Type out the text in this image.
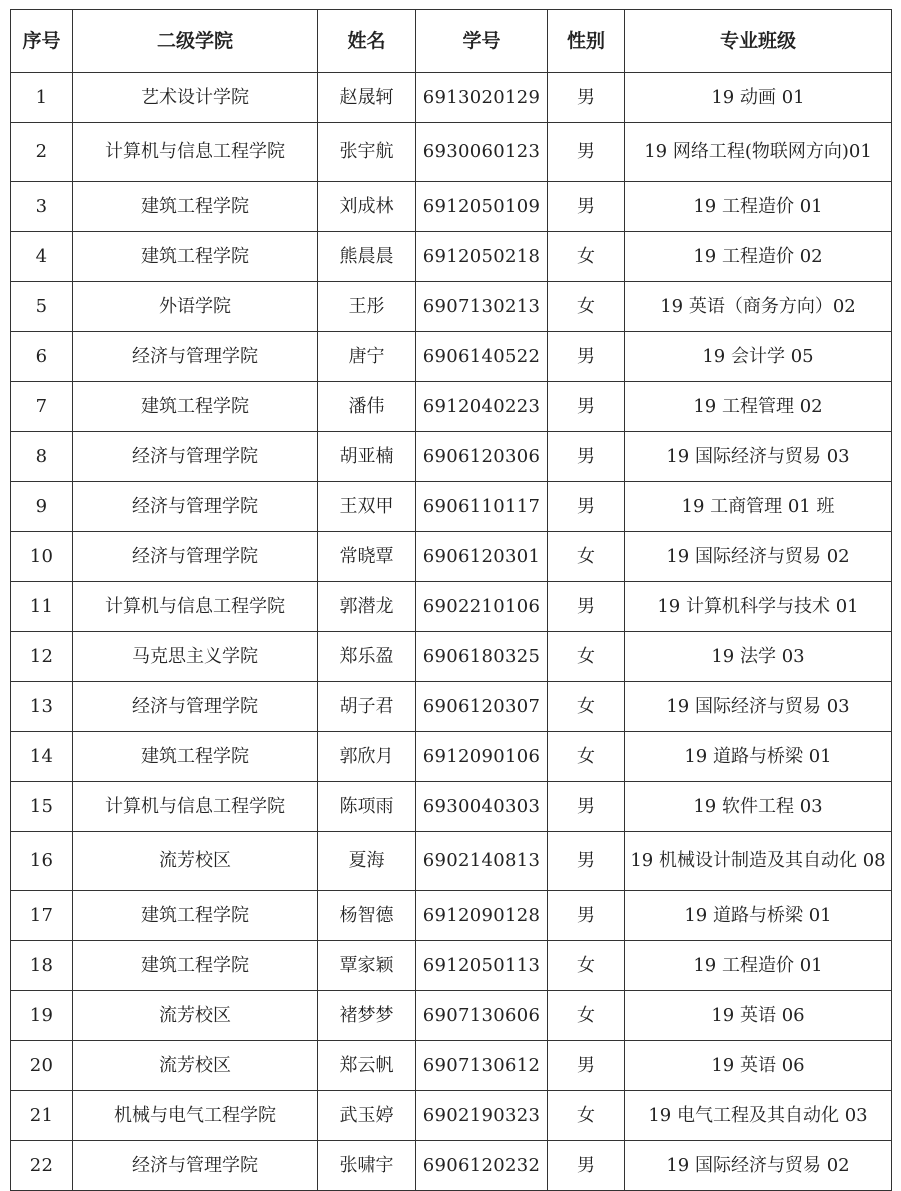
序号	二级学院	姓名	学号	性别	专业班级
1	艺术设计学院	赵晟轲	6913020129	男	19 动画 01
2	计算机与信息工程学院	张宇航	6930060123	男	19 网络工程(物联网方向)01
3	建筑工程学院	刘成林	6912050109	男	19 工程造价 01
4	建筑工程学院	熊晨晨	6912050218	女	19 工程造价 02
5	外语学院	王彤	6907130213	女	19 英语（商务方向）02
6	经济与管理学院	唐宁	6906140522	男	19 会计学 05
7	建筑工程学院	潘伟	6912040223	男	19 工程管理 02
8	经济与管理学院	胡亚楠	6906120306	男	19 国际经济与贸易 03
9	经济与管理学院	王双甲	6906110117	男	19 工商管理 01 班
10	经济与管理学院	常晓覃	6906120301	女	19 国际经济与贸易 02
11	计算机与信息工程学院	郭潜龙	6902210106	男	19 计算机科学与技术 01
12	马克思主义学院	郑乐盈	6906180325	女	19 法学 03
13	经济与管理学院	胡子君	6906120307	女	19 国际经济与贸易 03
14	建筑工程学院	郭欣月	6912090106	女	19 道路与桥梁 01
15	计算机与信息工程学院	陈项雨	6930040303	男	19 软件工程 03
16	流芳校区	夏海	6902140813	男	19 机械设计制造及其自动化 08
17	建筑工程学院	杨智德	6912090128	男	19 道路与桥梁 01
18	建筑工程学院	覃家颖	6912050113	女	19 工程造价 01
19	流芳校区	褚梦梦	6907130606	女	19 英语 06
20	流芳校区	郑云帆	6907130612	男	19 英语 06
21	机械与电气工程学院	武玉婷	6902190323	女	19 电气工程及其自动化 03
22	经济与管理学院	张啸宇	6906120232	男	19 国际经济与贸易 02
